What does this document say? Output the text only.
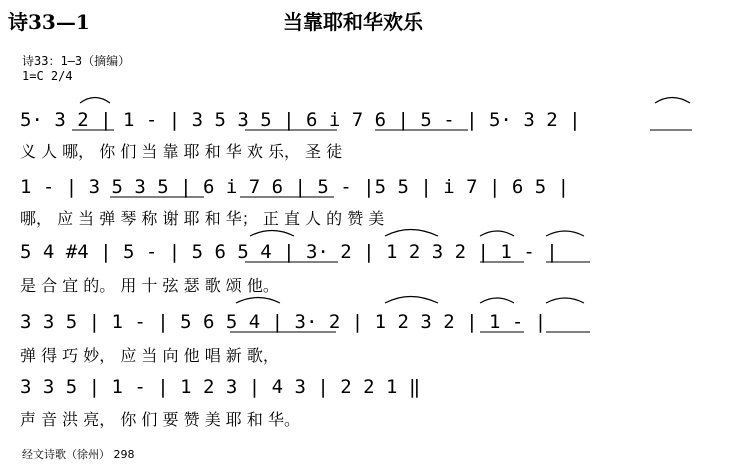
诗33—1	当靠耶和华欢乐
诗33：1—3（摘编）
1=C 2/4
5· 3 2 | 1 - | 3 5 3 5 | 6 i 7 6 | 5 - | 5· 3 2 |
义 人 哪， 你 们 当 靠 耶 和 华 欢 乐， 圣 徒
1 - | 3 5 3 5 | 6 i 7 6 | 5 - |5 5 | i 7 | 6 5 |
哪， 应 当 弹 琴 称 谢 耶 和 华； 正 直 人 的 赞 美
5 4 #4 | 5 - | 5 6 5 4 | 3· 2 | 1 2 3 2 | 1 - |
是 合 宜 的。 用 十 弦 瑟 歌 颂 他。
3 3 5 | 1 - | 5 6 5 4 | 3· 2 | 1 2 3 2 | 1 - |
弹 得 巧 妙， 应 当 向 他 唱 新 歌，
3 3 5 | 1 - | 1 2 3 | 4 3 | 2 2 1 ‖
声 音 洪 亮， 你 们 要 赞 美 耶 和 华。
经文诗歌（徐州） 298
